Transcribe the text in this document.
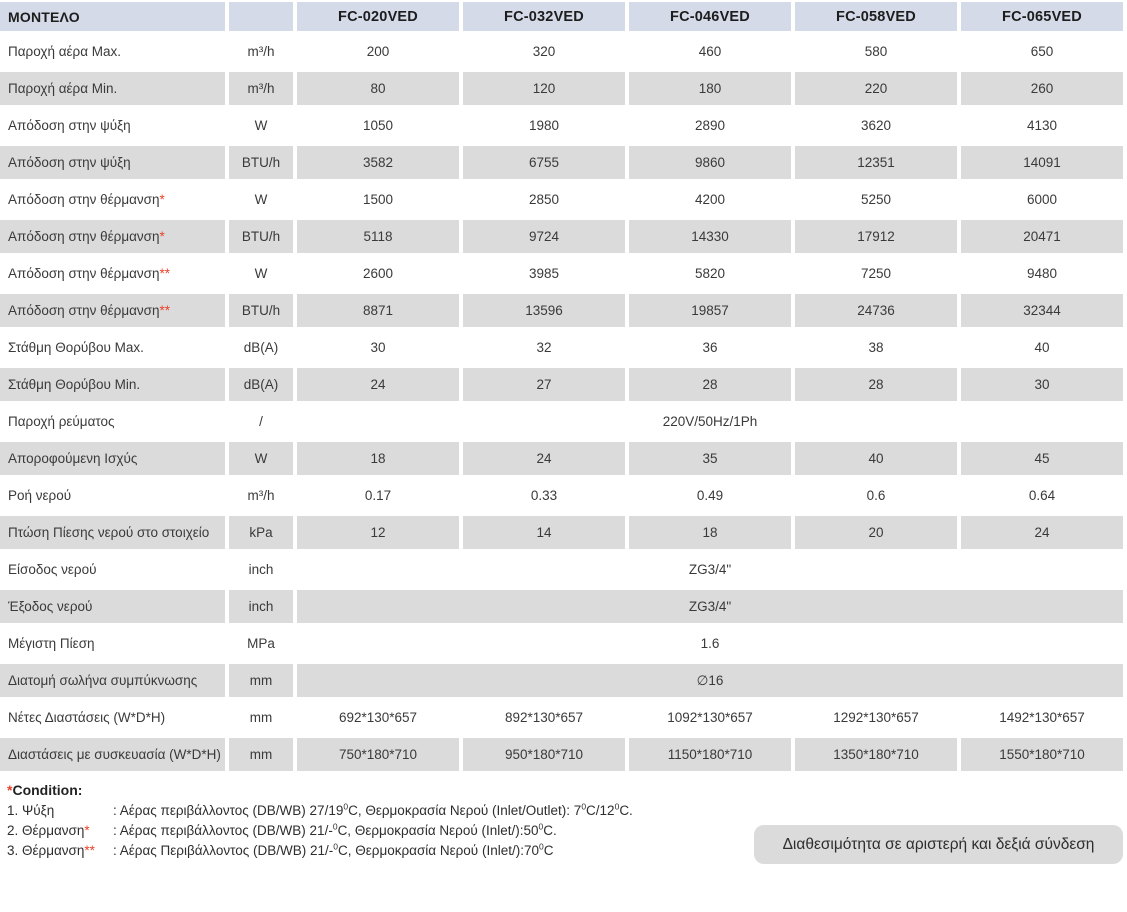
ΜΟΝΤΕΛΟ		FC-020VED	FC-032VED	FC-046VED	FC-058VED	FC-065VED
Παροχή αέρα Max.	m³/h	200	320	460	580	650
Παροχή αέρα Min.	m³/h	80	120	180	220	260
Απόδοση στην ψύξη	W	1050	1980	2890	3620	4130
Απόδοση στην ψύξη	BTU/h	3582	6755	9860	12351	14091
Απόδοση στην θέρμανση*	W	1500	2850	4200	5250	6000
Απόδοση στην θέρμανση*	BTU/h	5118	9724	14330	17912	20471
Απόδοση στην θέρμανση**	W	2600	3985	5820	7250	9480
Απόδοση στην θέρμανση**	BTU/h	8871	13596	19857	24736	32344
Στάθμη Θορύβου Max.	dB(A)	30	32	36	38	40
Στάθμη Θορύβου Min.	dB(A)	24	27	28	28	30
Παροχή ρεύματος	/	220V/50Hz/1Ph				
Αποροφούμενη Ισχύς	W	18	24	35	40	45
Ροή νερού	m³/h	0.17	0.33	0.49	0.6	0.64
Πτώση Πίεσης νερού στο στοιχείο	kPa	12	14	18	20	24
Είσοδος νερού	inch	ZG3/4"				
Έξοδος νερού	inch	ZG3/4"				
Μέγιστη Πίεση	MPa	1.6				
Διατομή σωλήνα συμπύκνωσης	mm	∅16				
Νέτες Διαστάσεις (W*D*H)	mm	692*130*657	892*130*657	1092*130*657	1292*130*657	1492*130*657
Διαστάσεις με συσκευασία (W*D*H)	mm	750*180*710	950*180*710	1150*180*710	1350*180*710	1550*180*710
*Condition:
1. Ψύξη	: Αέρας περιβάλλοντος (DB/WB) $27/19^0C$, Θερμοκρασία Νερού (Inlet/Outlet): $7^0C/12^0C$.
2. Θέρμανση* : Αέρας περιβάλλοντος (DB/WB) 21/-$^0$C, Θερμοκρασία Νερού $(Inlet/):50^0C$.
3. Θέρμανση** : Αέρας Περιβάλλοντος (DB/WB) 21/-$^0$C, Θερμοκρασία Νερού $(Inlet/):70^0C$	Διαθεσιμότητα σε αριστερή και δεξιά σύνδεση
